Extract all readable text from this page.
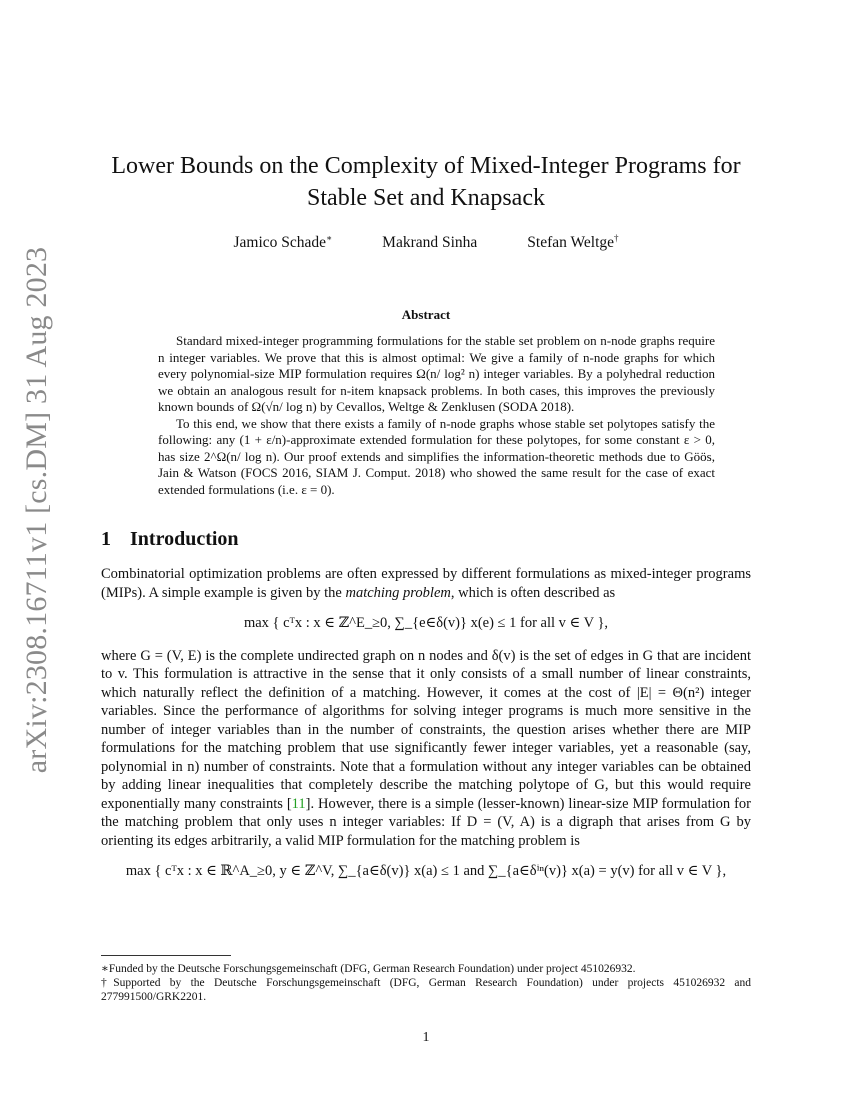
arXiv:2308.16711v1 [cs.DM] 31 Aug 2023
Lower Bounds on the Complexity of Mixed-Integer Programs for
Stable Set and Knapsack
Jamico Schade∗	Makrand Sinha	Stefan Weltge†
Abstract

Standard mixed-integer programming formulations for the stable set problem on n-node graphs require n integer variables. We prove that this is almost optimal: We give a family of n-node graphs for which every polynomial-size MIP formulation requires Ω(n/ log² n) integer variables. By a polyhedral reduction we obtain an analogous result for n-item knapsack problems. In both cases, this improves the previously known bounds of Ω(√n/ log n) by Cevallos, Weltge & Zenklusen (SODA 2018).

To this end, we show that there exists a family of n-node graphs whose stable set polytopes satisfy the following: any (1 + ε/n)-approximate extended formulation for these polytopes, for some constant ε > 0, has size 2^Ω(n/ log n). Our proof extends and simplifies the information-theoretic methods due to Göös, Jain & Watson (FOCS 2016, SIAM J. Comput. 2018) who showed the same result for the case of exact extended formulations (i.e. ε = 0).

1 Introduction

Combinatorial optimization problems are often expressed by different formulations as mixed-integer programs (MIPs). A simple example is given by the matching problem, which is often described as

max { cᵀx : x ∈ ℤ^E_≥0, ∑_{e∈δ(v)} x(e) ≤ 1 for all v ∈ V },

where G = (V, E) is the complete undirected graph on n nodes and δ(v) is the set of edges in G that are incident to v. This formulation is attractive in the sense that it only consists of a small number of linear constraints, which naturally reflect the definition of a matching. However, it comes at the cost of |E| = Θ(n²) integer variables. Since the performance of algorithms for solving integer programs is much more sensitive in the number of integer variables than in the number of constraints, the question arises whether there are MIP formulations for the matching problem that use significantly fewer integer variables, yet a reasonable (say, polynomial in n) number of constraints. Note that a formulation without any integer variables can be obtained by adding linear inequalities that completely describe the matching polytope of G, but this would require exponentially many constraints [11]. However, there is a simple (lesser-known) linear-size MIP formulation for the matching problem that only uses n integer variables: If D = (V, A) is a digraph that arises from G by orienting its edges arbitrarily, a valid MIP formulation for the matching problem is

max { cᵀx : x ∈ ℝ^A_≥0, y ∈ ℤ^V, ∑_{a∈δ(v)} x(a) ≤ 1 and ∑_{a∈δⁱⁿ(v)} x(a) = y(v) for all v ∈ V },

∗Funded by the Deutsche Forschungsgemeinschaft (DFG, German Research Foundation) under project 451026932.

†Supported by the Deutsche Forschungsgemeinschaft (DFG, German Research Foundation) under projects 451026932 and 277991500/GRK2201.

1
